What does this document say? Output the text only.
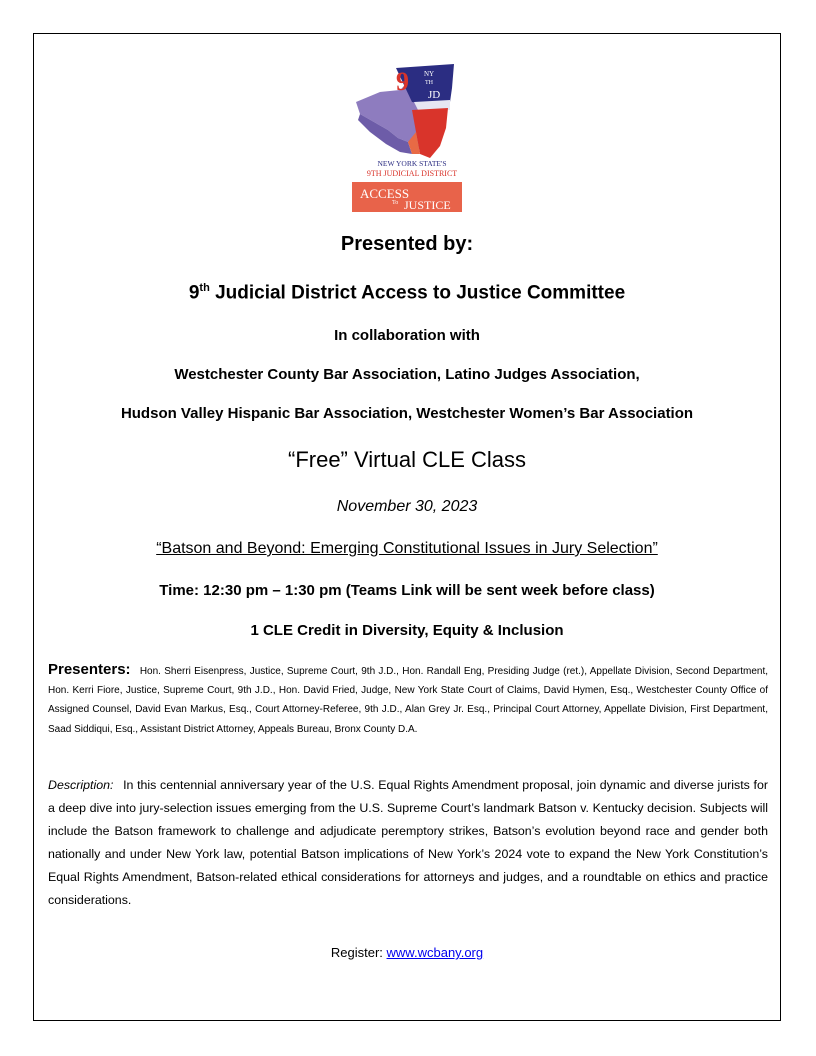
9 NY
TH
JD
NEW YORK STATE'S
9TH JUDICIAL DISTRICT
ACCESS
To JUSTICE
Presented by:
9th Judicial District Access to Justice Committee
In collaboration with
Westchester County Bar Association, Latino Judges Association,
Hudson Valley Hispanic Bar Association, Westchester Women’s Bar Association
“Free” Virtual CLE Class
November 30, 2023
“Batson and Beyond: Emerging Constitutional Issues in Jury Selection”
Time: 12:30 pm – 1:30 pm (Teams Link will be sent week before class)
1 CLE Credit in Diversity, Equity & Inclusion
Presenters: Hon. Sherri Eisenpress, Justice, Supreme Court, 9th J.D., Hon. Randall Eng, Presiding Judge (ret.), Appellate Division, Second Department, Hon. Kerri Fiore, Justice, Supreme Court, 9th J.D., Hon. David Fried, Judge, New York State Court of Claims, David Hymen, Esq., Westchester County Office of Assigned Counsel, David Evan Markus, Esq., Court Attorney-Referee, 9th J.D., Alan Grey Jr. Esq., Principal Court Attorney, Appellate Division, First Department, Saad Siddiqui, Esq., Assistant District Attorney, Appeals Bureau, Bronx County D.A.
Description: In this centennial anniversary year of the U.S. Equal Rights Amendment proposal, join dynamic and diverse jurists for a deep dive into jury-selection issues emerging from the U.S. Supreme Court’s landmark Batson v. Kentucky decision. Subjects will include the Batson framework to challenge and adjudicate peremptory strikes, Batson’s evolution beyond race and gender both nationally and under New York law, potential Batson implications of New York’s 2024 vote to expand the New York Constitution’s Equal Rights Amendment, Batson-related ethical considerations for attorneys and judges, and a roundtable on ethics and practice considerations.
Register: www.wcbany.org
